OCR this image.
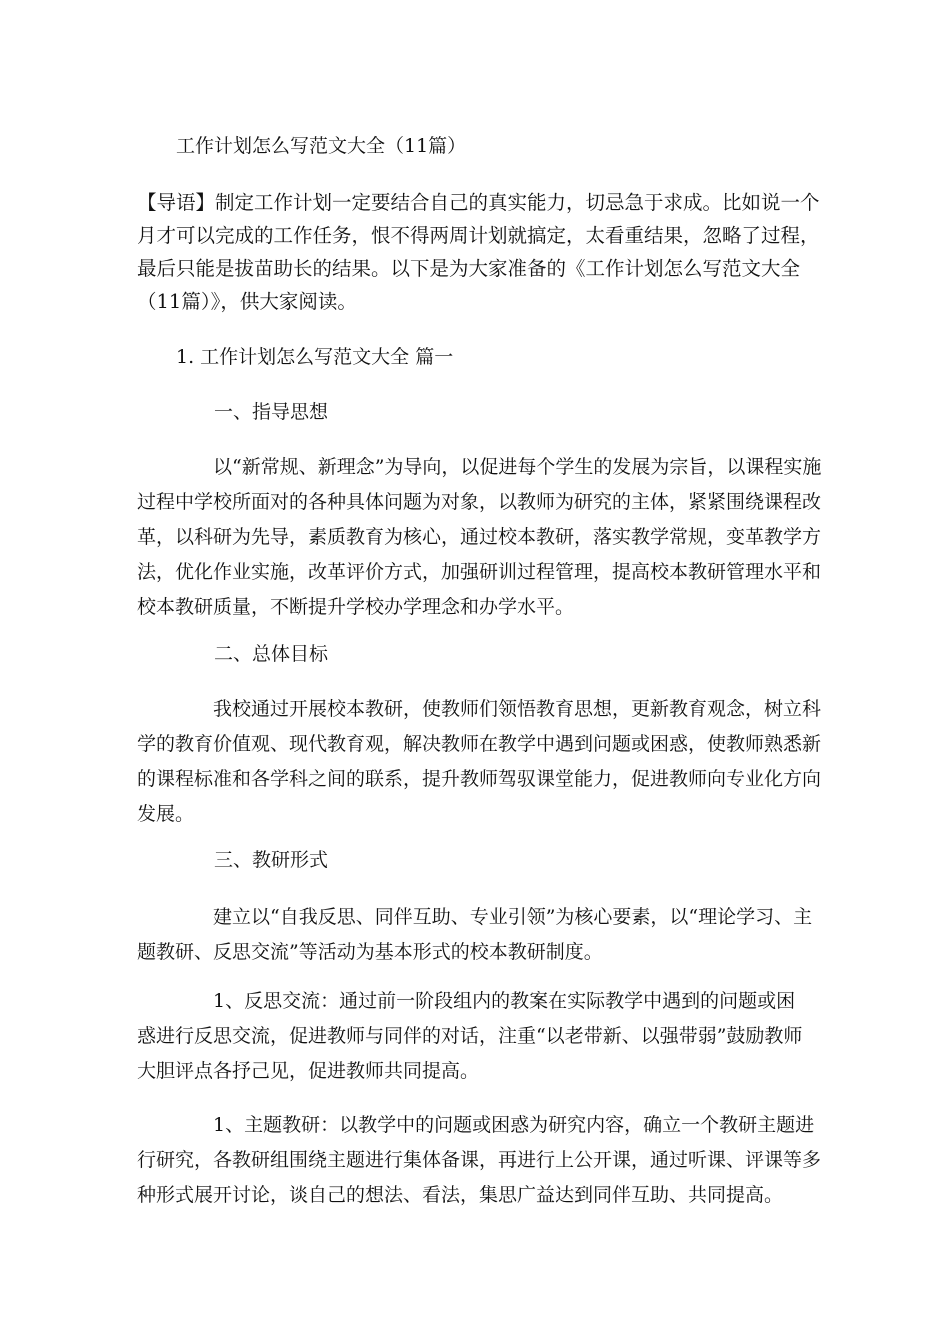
工作计划怎么写范文大全（11篇）

【导语】制定工作计划一定要结合自己的真实能力，切忌急于求成。比如说一个月才可以完成的工作任务，恨不得两周计划就搞定，太看重结果，忽略了过程，最后只能是拔苗助长的结果。以下是为大家准备的《工作计划怎么写范文大全（11篇）》，供大家阅读。

1. 工作计划怎么写范文大全 篇一

一、指导思想

以“新常规、新理念”为导向，以促进每个学生的发展为宗旨，以课程实施过程中学校所面对的各种具体问题为对象，以教师为研究的主体，紧紧围绕课程改革，以科研为先导，素质教育为核心，通过校本教研，落实教学常规，变革教学方法，优化作业实施，改革评价方式，加强研训过程管理，提高校本教研管理水平和校本教研质量，不断提升学校办学理念和办学水平。

二、总体目标

我校通过开展校本教研，使教师们领悟教育思想，更新教育观念，树立科学的教育价值观、现代教育观，解决教师在教学中遇到问题或困惑，使教师熟悉新的课程标准和各学科之间的联系，提升教师驾驭课堂能力，促进教师向专业化方向发展。

三、教研形式

建立以“自我反思、同伴互助、专业引领”为核心要素，以“理论学习、主题教研、反思交流”等活动为基本形式的校本教研制度。

1、反思交流：通过前一阶段组内的教案在实际教学中遇到的问题或困惑进行反思交流，促进教师与同伴的对话，注重“以老带新、以强带弱”鼓励教师大胆评点各抒己见，促进教师共同提高。

1、主题教研：以教学中的问题或困惑为研究内容，确立一个教研主题进行研究，各教研组围绕主题进行集体备课，再进行上公开课，通过听课、评课等多种形式展开讨论，谈自己的想法、看法，集思广益达到同伴互助、共同提高。
